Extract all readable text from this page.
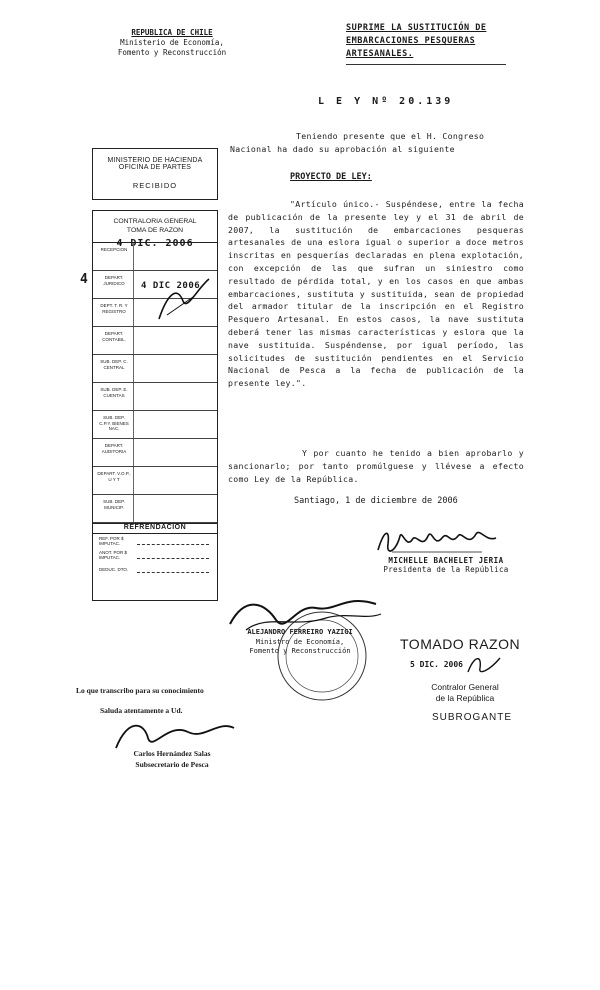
REPUBLICA DE CHILE
Ministerio de Economía,
Fomento y Reconstrucción
SUPRIME LA SUSTITUCIÓN DE
EMBARCACIONES PESQUERAS
ARTESANALES.
L E Y Nº 20.139
Teniendo presente que el H. Congreso Nacional ha dado su aprobación al siguiente
PROYECTO DE LEY:
"Artículo único.- Suspéndese, entre la fecha de publicación de la presente ley y el 31 de abril de 2007, la sustitución de embarcaciones pesqueras artesanales de una eslora igual o superior a doce metros inscritas en pesquerías declaradas en plena explotación, con excepción de las que sufran un siniestro como resultado de pérdida total, y en los casos en que ambas embarcaciones, sustituta y sustituida, sean de propiedad del armador titular de la inscripción en el Registro Pesquero Artesanal. En estos casos, la nave sustituta deberá tener las mismas características y eslora que la nave sustituida. Suspéndense, por igual período, las solicitudes de sustitución pendientes en el Servicio Nacional de Pesca a la fecha de publicación de la presente ley.".
Y por cuanto he tenido a bien aprobarlo y sancionarlo; por tanto promúlguese y llévese a efecto como Ley de la República.
Santiago, 1 de diciembre de 2006
MICHELLE BACHELET JERIA
Presidenta de la República
ALEJANDRO FERREIRO YAZIGI
Ministro de Economía,
Fomento y Reconstrucción
MINISTERIO DE HACIENDA
OFICINA DE PARTES
RECIBIDO
CONTRALORIA GENERAL
TOMA DE RAZON
4 DIC. 2006
RECEPCION
DEPART. JURIDICO
DEPT. T. R. Y REGISTRO
DEPART. CONTABIL.
SUB. DEP. C. CENTRAL
SUB. DEP. E. CUENTAS
SUB. DEP. C.P.Y. BIENES NAC.
DEPART. AUDITORIA
DEPART. V.O.P., U Y T
SUB. DEP. MUNICIP.
4 DIC 2006
4
REFRENDACION
REF. POR $ IMPUTAC.
ANOT. POR $ IMPUTAC.
DEDUC. DTO.
TOMADO RAZON
5 DIC. 2006
Contralor General
de la República
SUBROGANTE
Lo que transcribo para su conocimiento
Saluda atentamente a Ud.
Carlos Hernández Salas
Subsecretario de Pesca
